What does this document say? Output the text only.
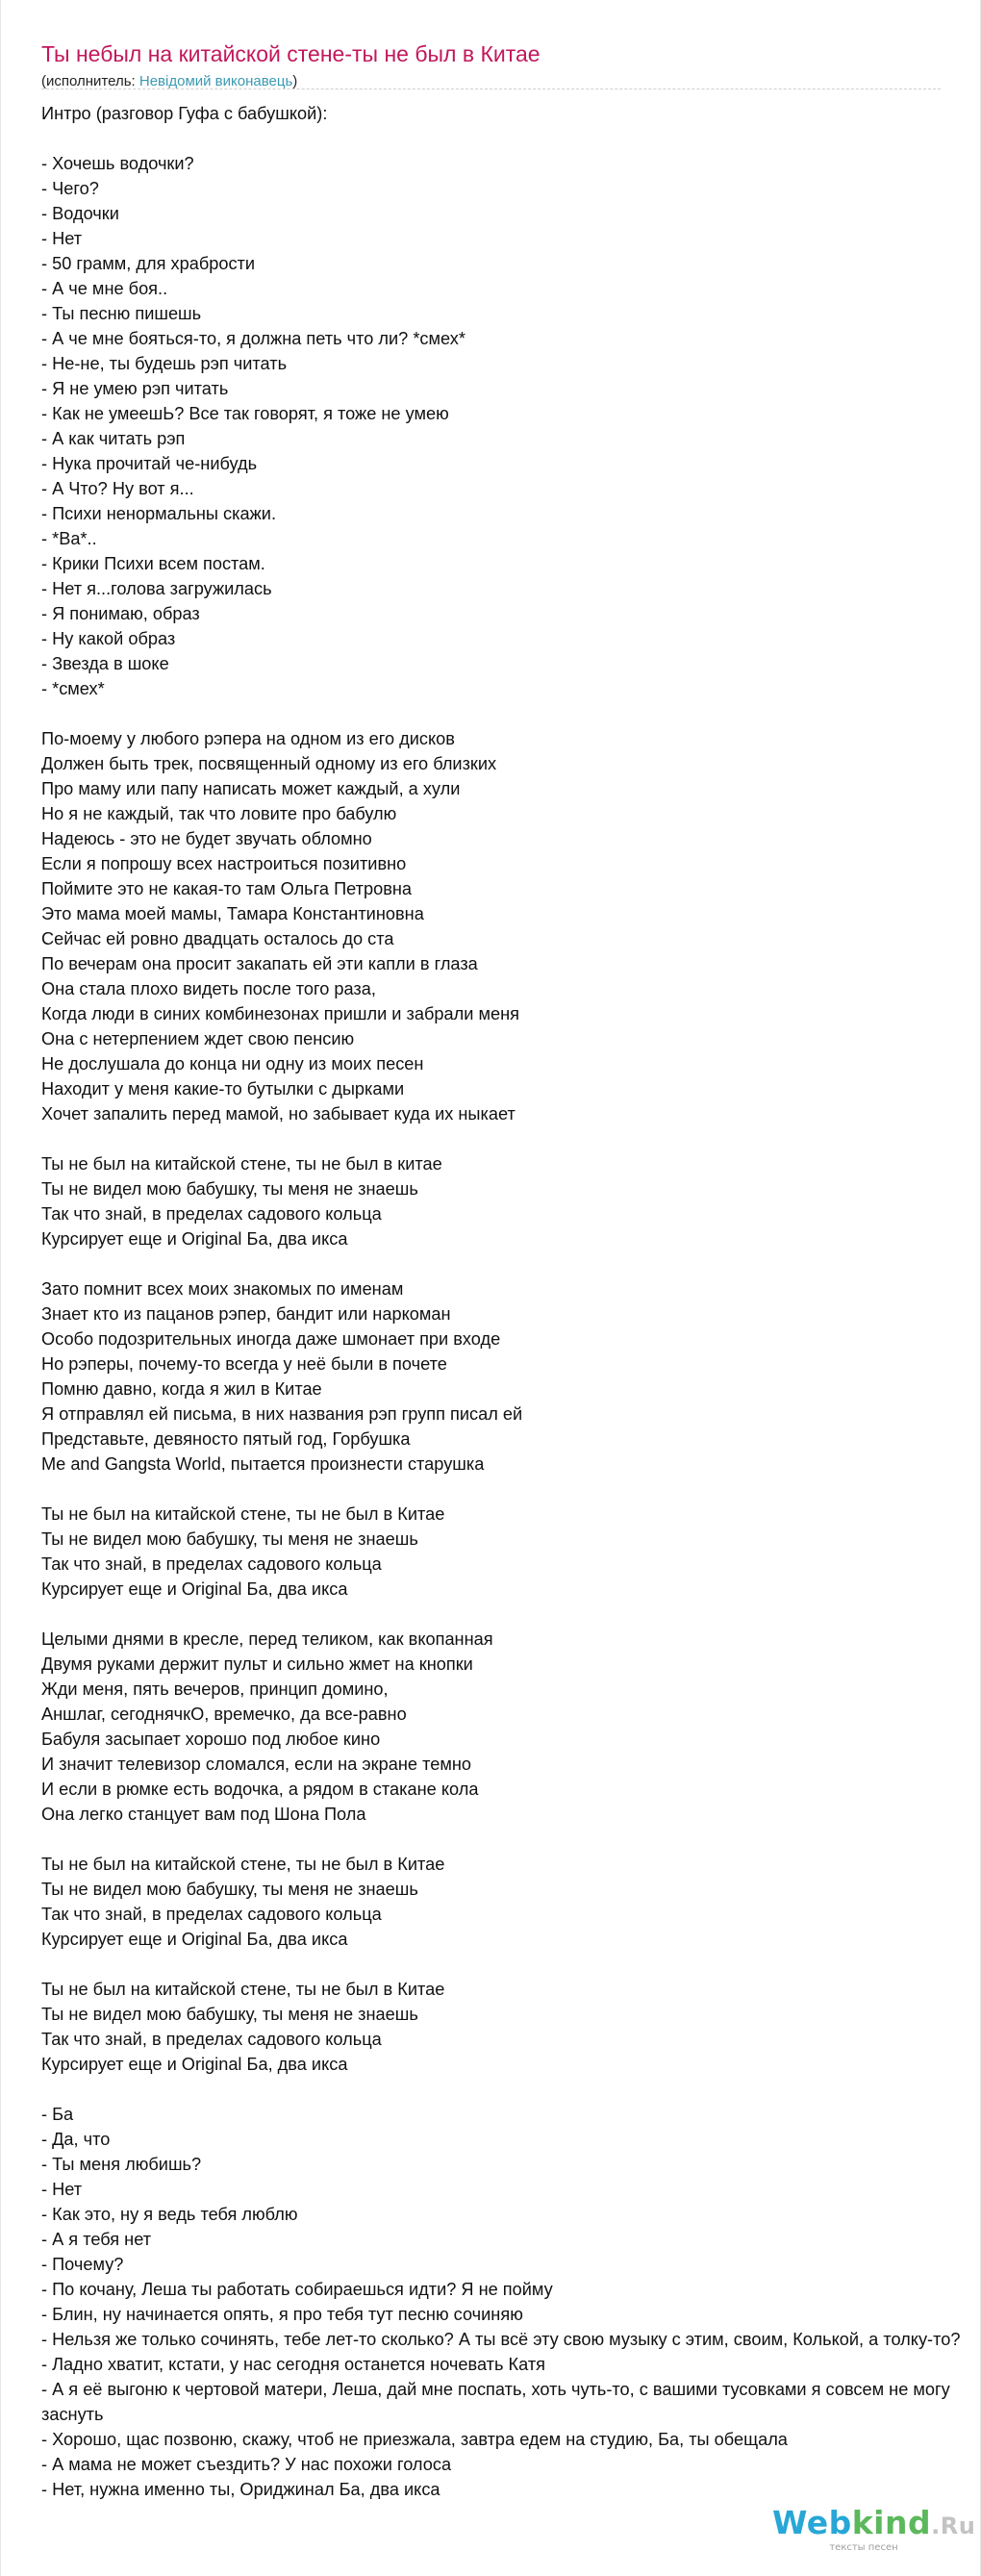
Ты небыл на китайской стене-ты не был в Китае
(исполнитель: Невідомий виконавець)
Интро (разговор Гуфа с бабушкой):

- Хочешь водочки?
- Чего?
- Водочки
- Нет
- 50 грамм, для храбрости
- А че мне боя..
- Ты песню пишешь
- А че мне бояться-то, я должна петь что ли? *смех*
- Не-не, ты будешь рэп читать
- Я не умею рэп читать
- Как не умеешЬ? Все так говорят, я тоже не умею
- А как читать рэп
- Нука прочитай че-нибудь
- А Что? Ну вот я...
- Психи ненормальны скажи.
- *Ва*..
- Крики Психи всем постам.
- Нет я...голова загружилась
- Я понимаю, образ
- Ну какой образ
- Звезда в шоке
- *смех*

По-моему у любого рэпера на одном из его дисков
Должен быть трек, посвященный одному из его близких
Про маму или папу написать может каждый, а хули
Но я не каждый, так что ловите про бабулю
Надеюсь - это не будет звучать обломно
Если я попрошу всех настроиться позитивно
Поймите это не какая-то там Ольга Петровна
Это мама моей мамы, Тамара Константиновна
Сейчас ей ровно двадцать осталось до ста
По вечерам она просит закапать ей эти капли в глаза
Она стала плохо видеть после того раза,
Когда люди в синих комбинезонах пришли и забрали меня
Она с нетерпением ждет свою пенсию
Не дослушала до конца ни одну из моих песен
Находит у меня какие-то бутылки с дырками
Хочет запалить перед мамой, но забывает куда их ныкает

Ты не был на китайской стене, ты не был в китае
Ты не видел мою бабушку, ты меня не знаешь
Так что знай, в пределах садового кольца
Курсирует еще и Original Ба, два икса

Зато помнит всех моих знакомых по именам
Знает кто из пацанов рэпер, бандит или наркоман
Особо подозрительных иногда даже шмонает при входе
Но рэперы, почему-то всегда у неё были в почете
Помню давно, когда я жил в Китае
Я отправлял ей письма, в них названия рэп групп писал ей
Представьте, девяносто пятый год, Горбушка
Me and Gangsta World, пытается произнести старушка

Ты не был на китайской стене, ты не был в Китае
Ты не видел мою бабушку, ты меня не знаешь
Так что знай, в пределах садового кольца
Курсирует еще и Original Ба, два икса

Целыми днями в кресле, перед теликом, как вкопанная
Двумя руками держит пульт и сильно жмет на кнопки
Жди меня, пять вечеров, принцип домино,
Аншлаг, сегоднячкО, времечко, да все-равно
Бабуля засыпает хорошо под любое кино
И значит телевизор сломался, если на экране темно
И если в рюмке есть водочка, а рядом в стакане кола
Она легко станцует вам под Шона Пола

Ты не был на китайской стене, ты не был в Китае
Ты не видел мою бабушку, ты меня не знаешь
Так что знай, в пределах садового кольца
Курсирует еще и Original Ба, два икса

Ты не был на китайской стене, ты не был в Китае
Ты не видел мою бабушку, ты меня не знаешь
Так что знай, в пределах садового кольца
Курсирует еще и Original Ба, два икса

- Ба
- Да, что
- Ты меня любишь?
- Нет
- Как это, ну я ведь тебя люблю
- А я тебя нет
- Почему?
- По кочану, Леша ты работать собираешься идти? Я не пойму
- Блин, ну начинается опять, я про тебя тут песню сочиняю
- Нельзя же только сочинять, тебе лет-то сколько? А ты всё эту свою музыку с этим, своим, Колькой, а толку-то?
- Ладно хватит, кстати, у нас сегодня останется ночевать Катя
- А я её выгоню к чертовой матери, Леша, дай мне поспать, хоть чуть-то, с вашими тусовками я совсем не могу заснуть
- Хорошо, щас позвоню, скажу, чтоб не приезжала, завтра едем на студию, Ба, ты обещала
- А мама не может съездить? У нас похожи голоса
- Нет, нужна именно ты, Ориджинал Ба, два икса
Webkind.Ru
тексты песен
